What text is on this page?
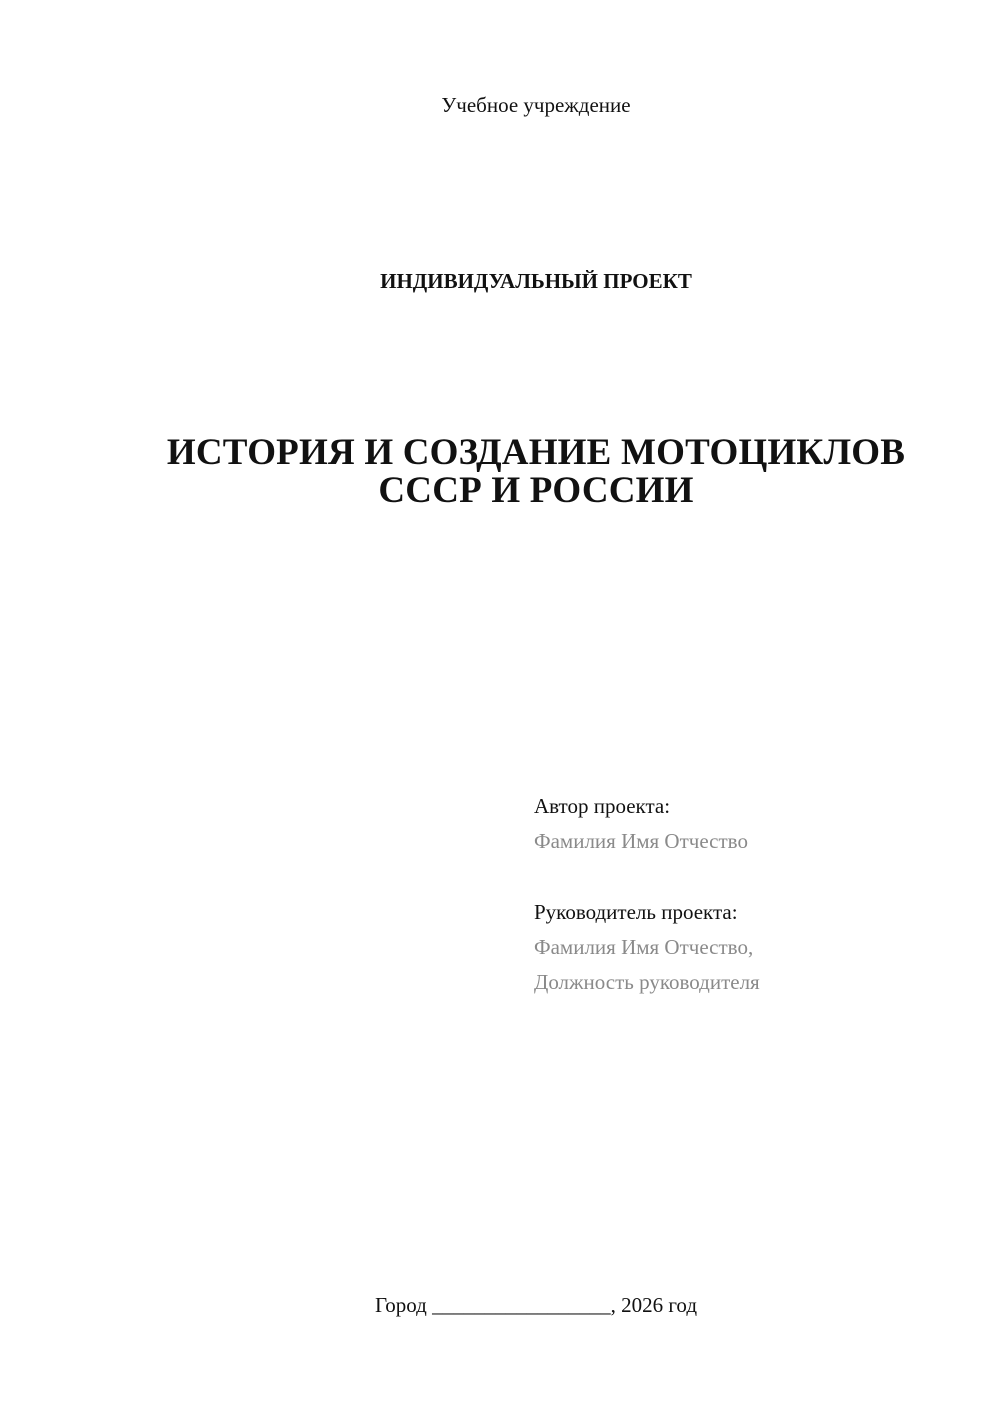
Учебное учреждение
ИНДИВИДУАЛЬНЫЙ ПРОЕКТ
ИСТОРИЯ И СОЗДАНИЕ МОТОЦИКЛОВ
СССР И РОССИИ
Автор проекта:
Фамилия Имя Отчество
Руководитель проекта:
Фамилия Имя Отчество,
Должность руководителя
Город _________________, 2026 год
